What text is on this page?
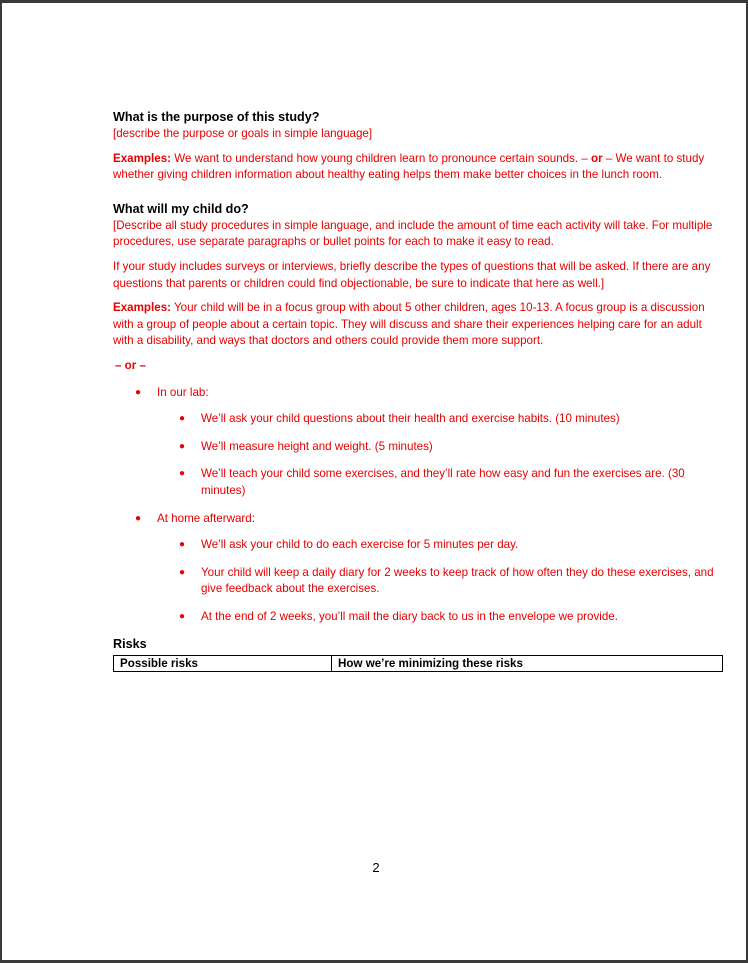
What is the purpose of this study?

[describe the purpose or goals in simple language]

Examples: We want to understand how young children learn to pronounce certain sounds. – or – We want to study whether giving children information about healthy eating helps them make better choices in the lunch room.

What will my child do?

[Describe all study procedures in simple language, and include the amount of time each activity will take. For multiple procedures, use separate paragraphs or bullet points for each to make it easy to read.

If your study includes surveys or interviews, briefly describe the types of questions that will be asked. If there are any questions that parents or children could find objectionable, be sure to indicate that here as well.]

Examples: Your child will be in a focus group with about 5 other children, ages 10-13. A focus group is a discussion with a group of people about a certain topic. They will discuss and share their experiences helping care for an adult with a disability, and ways that doctors and others could provide them more support.

– or –

● In our lab:
● We’ll ask your child questions about their health and exercise habits. (10 minutes)
● We’ll measure height and weight. (5 minutes)
● We’ll teach your child some exercises, and they’ll rate how easy and fun the exercises are. (30 minutes)
● At home afterward:
● We’ll ask your child to do each exercise for 5 minutes per day.
● Your child will keep a daily diary for 2 weeks to keep track of how often they do these exercises, and give feedback about the exercises.
● At the end of 2 weeks, you’ll mail the diary back to us in the envelope we provide.
Risks
Possible risks	How we’re minimizing these risks
2
